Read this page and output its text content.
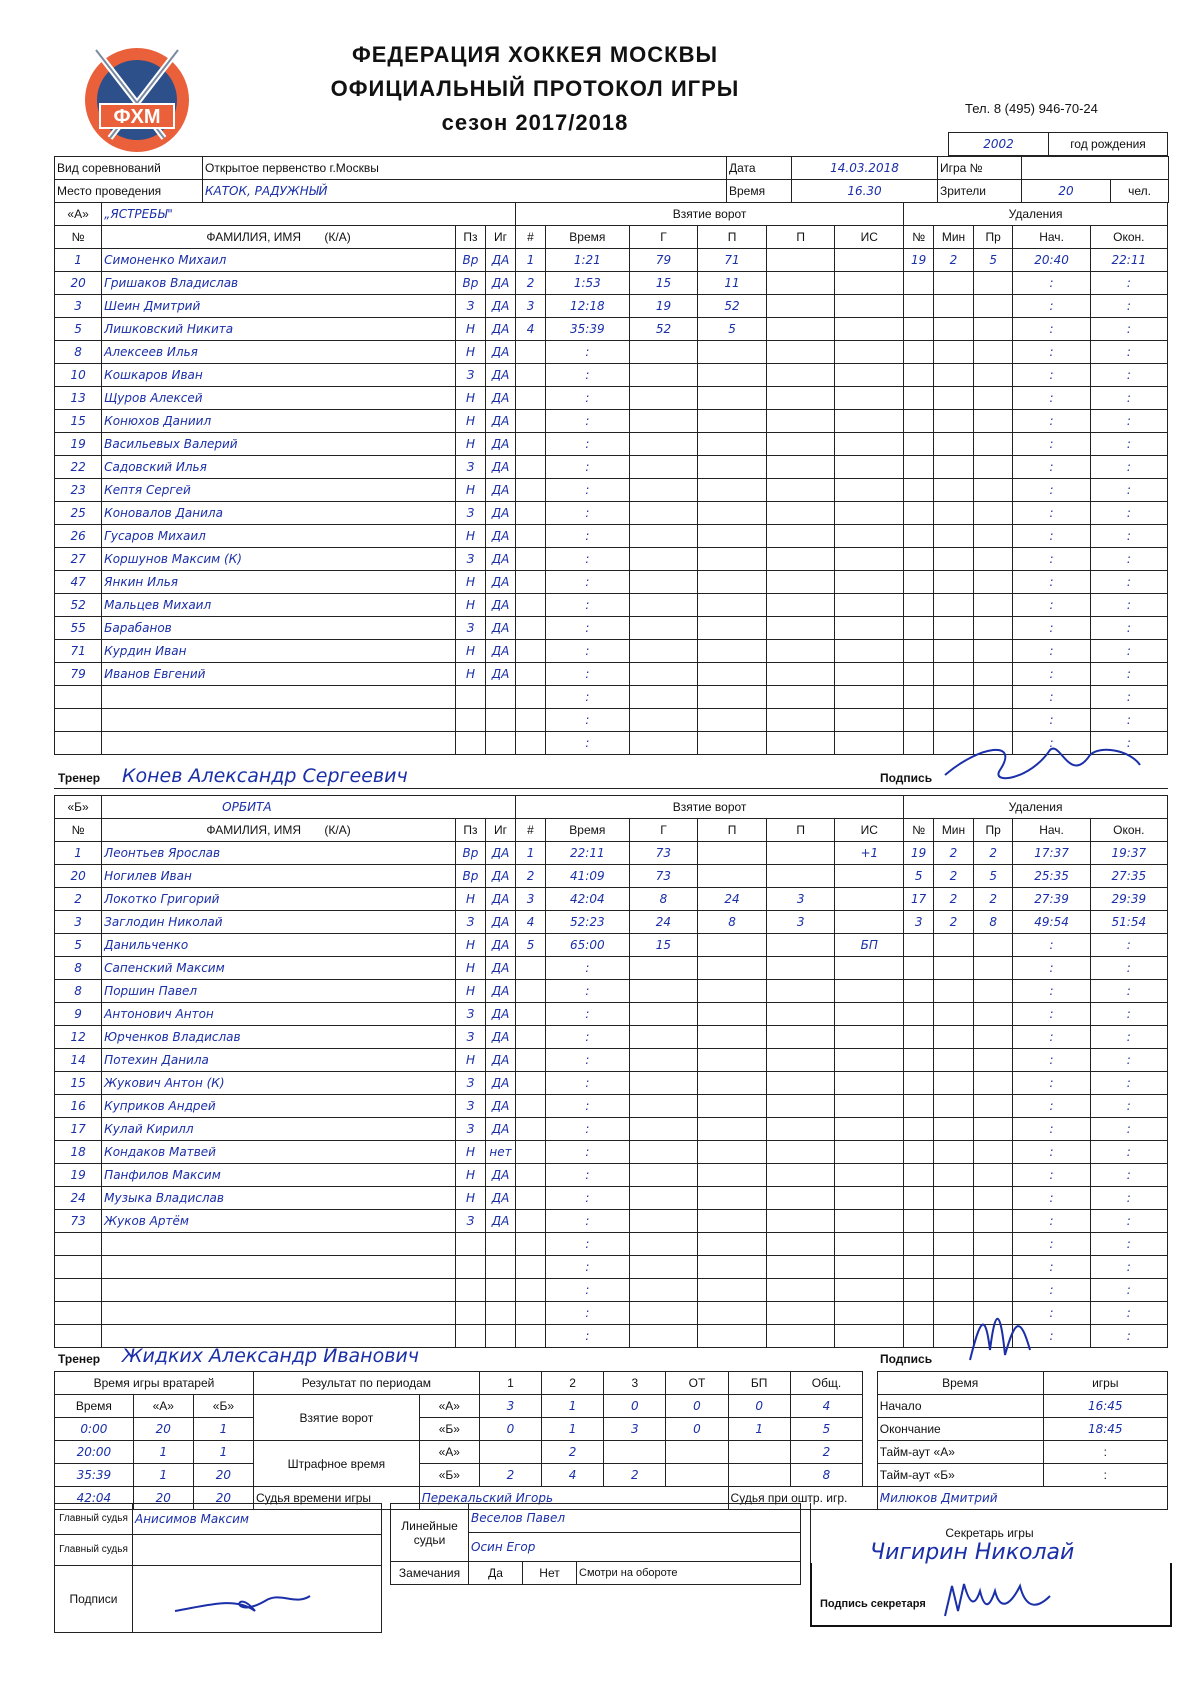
ФХМ
ФЕДЕРАЦИЯ ХОККЕЯ МОСКВЫ
ОФИЦИАЛЬНЫЙ ПРОТОКОЛ ИГРЫ
сезон 2017/2018
Тел. 8 (495) 946-70-24
2002	год рождения
Вид соревнований	Открытое первенство г.Москвы	Дата	14.03.2018	Игра №		
Место проведения	КАТОК, РАДУЖНЫЙ	Время	16.30	Зрители	20	чел.
«А»	„ЯСТРЕБЫ"			Взятие ворот						Удаления				
№	ФАМИЛИЯ, ИМЯ (К/А)	Пз	Иг	#	Время	Г	П	П	ИС	№	Мин	Пр	Нач.	Окон.
1	Симоненко Михаил	Вр	ДА	1	1:21	79	71			19	2	5	20:40	22:11
20	Гришаков Владислав	Вр	ДА	2	1:53	15	11						:	:
3	Шеин Дмитрий	З	ДА	3	12:18	19	52						:	:
5	Лишковский Никита	Н	ДА	4	35:39	52	5						:	:
8	Алексеев Илья	Н	ДА		:								:	:
10	Кошкаров Иван	З	ДА		:								:	:
13	Щуров Алексей	Н	ДА		:								:	:
15	Конюхов Даниил	Н	ДА		:								:	:
19	Васильевых Валерий	Н	ДА		:								:	:
22	Садовский Илья	З	ДА		:								:	:
23	Кептя Сергей	Н	ДА		:								:	:
25	Коновалов Данила	З	ДА		:								:	:
26	Гусаров Михаил	Н	ДА		:								:	:
27	Коршунов Максим (К)	З	ДА		:								:	:
47	Янкин Илья	Н	ДА		:								:	:
52	Мальцев Михаил	Н	ДА		:								:	:
55	Барабанов	З	ДА		:								:	:
71	Курдин Иван	Н	ДА		:								:	:
79	Иванов Евгений	Н	ДА		:								:	:
					:								:	:
					:								:	:
					:								:	:
Тренер Конев Александр Сергеевич	Подпись
«Б»	ОРБИТА			Взятие ворот						Удаления				
№	ФАМИЛИЯ, ИМЯ (К/А)	Пз	Иг	#	Время	Г	П	П	ИС	№	Мин	Пр	Нач.	Окон.
1	Леонтьев Ярослав	Вр	ДА	1	22:11	73			+1	19	2	2	17:37	19:37
20	Ногилев Иван	Вр	ДА	2	41:09	73				5	2	5	25:35	27:35
2	Локотко Григорий	Н	ДА	3	42:04	8	24	3		17	2	2	27:39	29:39
3	Заглодин Николай	З	ДА	4	52:23	24	8	3		3	2	8	49:54	51:54
5	Данильченко	Н	ДА	5	65:00	15			БП				:	:
8	Сапенский Максим	Н	ДА		:								:	:
8	Поршин Павел	Н	ДА		:								:	:
9	Антонович Антон	З	ДА		:								:	:
12	Юрченков Владислав	З	ДА		:								:	:
14	Потехин Данила	Н	ДА		:								:	:
15	Жукович Антон (К)	З	ДА		:								:	:
16	Куприков Андрей	З	ДА		:								:	:
17	Кулай Кирилл	З	ДА		:								:	:
18	Кондаков Матвей	Н	нет		:								:	:
19	Панфилов Максим	Н	ДА		:								:	:
24	Музыка Владислав	Н	ДА		:								:	:
73	Жуков Артём	З	ДА		:								:	:
					:								:	:
					:								:	:
					:								:	:
					:								:	:
					:								:	:
Тренер Жидких Александр Иванович	Подпись
Время игры вратарей			Результат по периодам		1	2	3	ОТ	БП	Общ.		Время	игры
Время	«А»	«Б»	Взятие ворот	«А»	3	1	0	0	0	4		Начало	16:45
0:00	20	1		«Б»	0	1	3	0	1	5		Окончание	18:45
20:00	1	1	Штрафное время	«А»		2				2		Тайм-аут «А»	:
35:39	1	20		«Б»	2	4	2			8		Тайм-аут «Б»	:
42:04	20	20	Судья времени игры	Перекальский Игорь					Судья при оштр. игр.			Милюков Дмитрий	
Главный судья	Анисимов Максим
Главный судья	
Подписи	
Линейные судьи	Веселов Павел		
	Осин Егор		
Замечания	Да	Нет	Смотри на обороте
Секретарь игры
Чигирин Николай
Подпись секретаря
